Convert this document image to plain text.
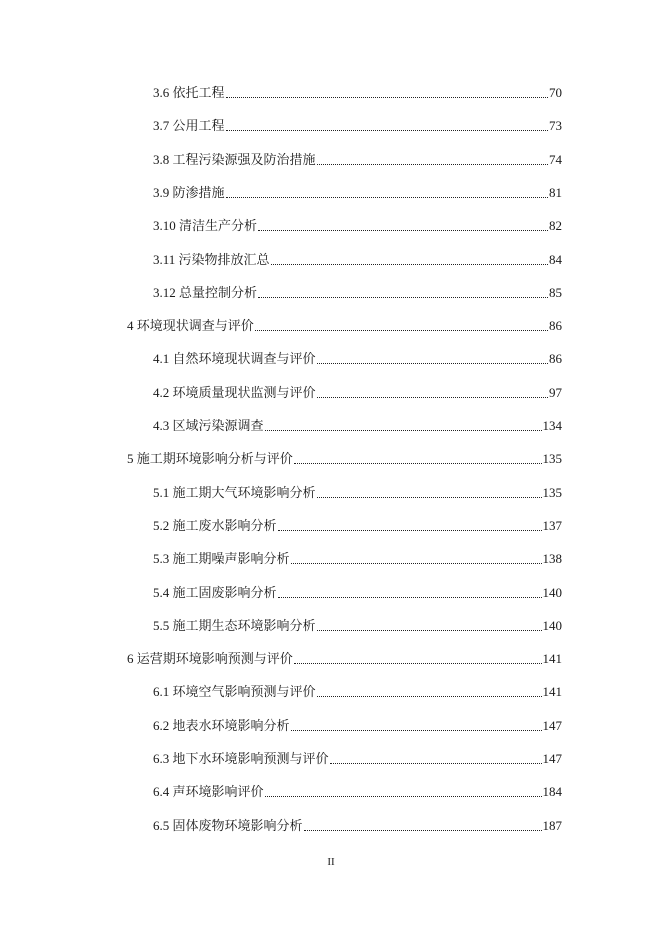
3.6 依托工程	70
3.7 公用工程	73
3.8 工程污染源强及防治措施	74
3.9 防渗措施	81
3.10 清洁生产分析	82
3.11 污染物排放汇总	84
3.12 总量控制分析	85
4 环境现状调查与评价	86
4.1 自然环境现状调查与评价	86
4.2 环境质量现状监测与评价	97
4.3 区域污染源调查	134
5 施工期环境影响分析与评价	135
5.1 施工期大气环境影响分析	135
5.2 施工废水影响分析	137
5.3 施工期噪声影响分析	138
5.4 施工固废影响分析	140
5.5 施工期生态环境影响分析	140
6 运营期环境影响预测与评价	141
6.1 环境空气影响预测与评价	141
6.2 地表水环境影响分析	147
6.3 地下水环境影响预测与评价	147
6.4 声环境影响评价	184
6.5 固体废物环境影响分析	187
II
